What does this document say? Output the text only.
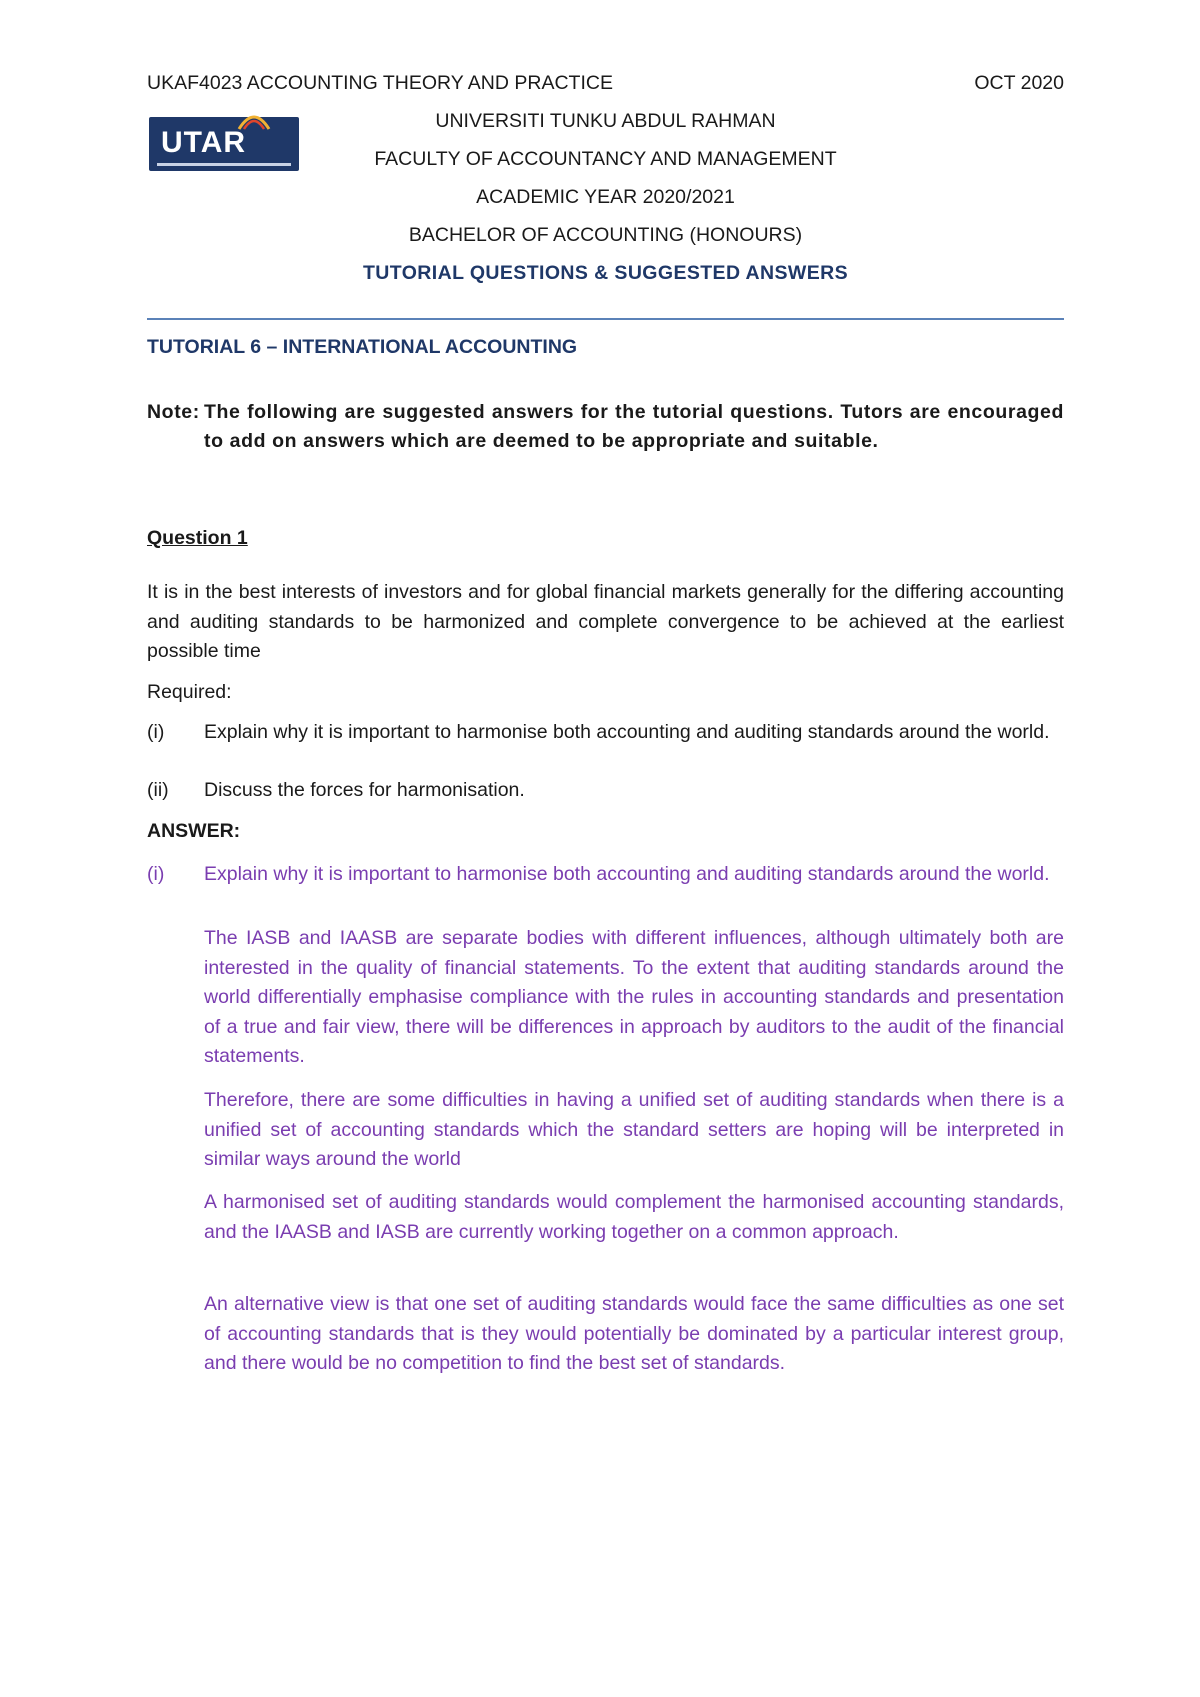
UKAF4023 ACCOUNTING THEORY AND PRACTICE	OCT 2020
UTAR
UNIVERSITI TUNKU ABDUL RAHMAN
FACULTY OF ACCOUNTANCY AND MANAGEMENT
ACADEMIC YEAR 2020/2021
BACHELOR OF ACCOUNTING (HONOURS)
TUTORIAL QUESTIONS & SUGGESTED ANSWERS
TUTORIAL 6 – INTERNATIONAL ACCOUNTING
Note: The following are suggested answers for the tutorial questions. Tutors are encouraged to add on answers which are deemed to be appropriate and suitable.
Question 1
It is in the best interests of investors and for global financial markets generally for the differing accounting and auditing standards to be harmonized and complete convergence to be achieved at the earliest possible time
Required:
(i) Explain why it is important to harmonise both accounting and auditing standards around the world.
(ii) Discuss the forces for harmonisation.
ANSWER:
(i) Explain why it is important to harmonise both accounting and auditing standards around the world.
The IASB and IAASB are separate bodies with different influences, although ultimately both are interested in the quality of financial statements. To the extent that auditing standards around the world differentially emphasise compliance with the rules in accounting standards and presentation of a true and fair view, there will be differences in approach by auditors to the audit of the financial statements.
Therefore, there are some difficulties in having a unified set of auditing standards when there is a unified set of accounting standards which the standard setters are hoping will be interpreted in similar ways around the world
A harmonised set of auditing standards would complement the harmonised accounting standards, and the IAASB and IASB are currently working together on a common approach.
An alternative view is that one set of auditing standards would face the same difficulties as one set of accounting standards that is they would potentially be dominated by a particular interest group, and there would be no competition to find the best set of standards.
